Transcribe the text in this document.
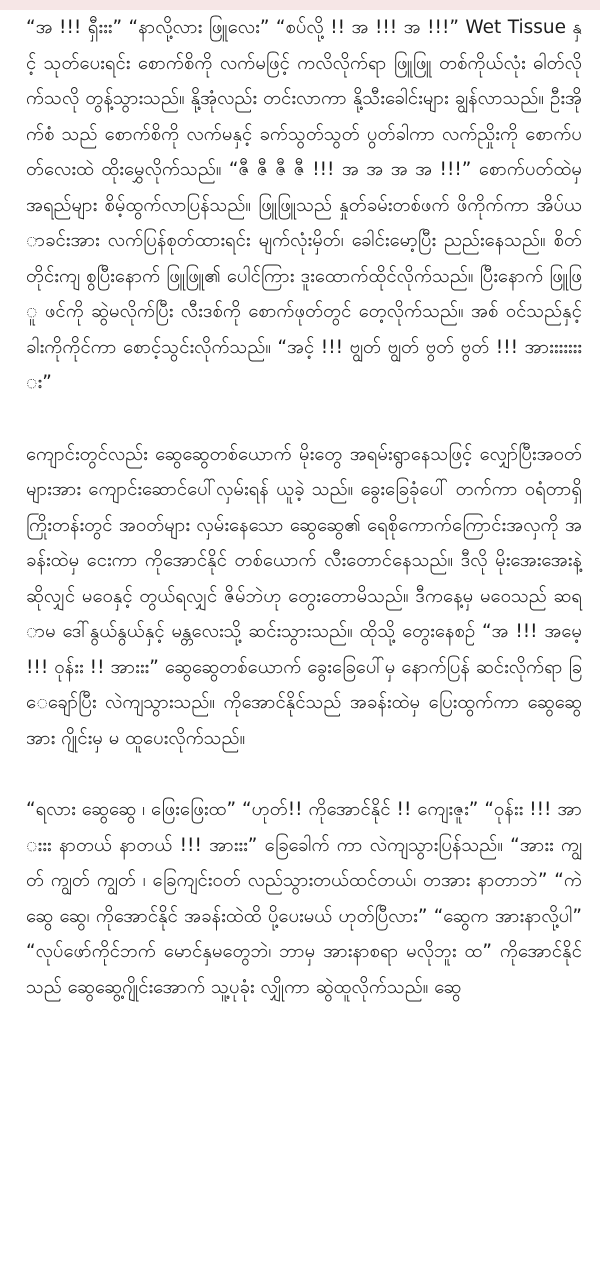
“အ !!! ရှီးးး” “နာလို့လား ဖြူလေး” “စပ်လို့ !! အ !!! အ !!!” Wet Tissue နှင့် သုတ်ပေးရင်း စောက်စိကို လက်မဖြင့် ကလိလိုက်ရာ ဖြူဖြူ တစ်ကိုယ်လုံး ဓါတ်လိုက်သလို တွန့်သွားသည်။ နို့အုံလည်း တင်းလာကာ နို့သီးခေါင်းများ ချွန်လာသည်။ ဦးအိုက်စံ သည် စောက်စိကို လက်မနှင့် ခက်သွတ်သွတ် ပွတ်ခါကာ လက်ညှိုးကို စောက်ပတ်လေးထဲ ထိုးမွှေလိုက်သည်။ “ဇီ ဇီ ဇီ ဇီ !!! အ အ အ အ !!!” စောက်ပတ်ထဲမှ အရည်များ စိမ့်ထွက်လာပြန်သည်။ ဖြူဖြူသည် နှုတ်ခမ်းတစ်ဖက် ဖိကိုက်ကာ အိပ်ယာခင်းအား လက်ပြန်စုတ်ထားရင်း မျက်လုံးမှိတ်၊ ခေါင်းမော့ပြီး ညည်းနေသည်။ စိတ်တိုင်းကျ စွပြီးနောက် ဖြူဖြူ၏ ပေါင်ကြား ဒူးထောက်ထိုင်လိုက်သည်။ ပြီးနောက် ဖြူဖြူ ဖင်ကို ဆွဲမလိုက်ပြီး လီးဒစ်ကို စောက်ဖုတ်တွင် တေ့လိုက်သည်။ အစ် ဝင်သည်နှင့် ခါးကိုကိုင်ကာ စောင့်သွင်းလိုက်သည်။ “အင့် !!! ဗျွတ် ဗျွတ် ဗွတ် ဗွတ် !!! အားးးးးးးး”

ကျောင်းတွင်လည်း ဆွေဆွေတစ်ယောက် မိုးတွေ အရမ်းရွာနေသဖြင့် လျှော်ပြီးအဝတ်များအား ကျောင်းဆောင်ပေါ်လှမ်းရန် ယူခဲ့ သည်။ ခွေးခြေခုံပေါ် တက်ကာ ဝရံတာရှိ ကြိုးတန်းတွင် အဝတ်များ လှမ်းနေသော ဆွေဆွေ၏ ရေစိုကောက်ကြောင်းအလှကို အခန်းထဲမှ ငေးကာ ကိုအောင်နိုင် တစ်ယောက် လီးတောင်နေသည်။ ဒီလို မိုးအေးအေးနဲ့ဆိုလျှင် မဝေနှင့် တွယ်ရလျှင် ဇိမ်ဘဲဟု တွေးတောမိသည်။ ဒီကနေ့မှ မဝေသည် ဆရာမ ဒေါ်နွယ်နွယ်နှင့် မန္တလေးသို့ ဆင်းသွားသည်။ ထိုသို့ တွေးနေစဉ် “အ !!! အမေ့ !!! ဝုန်းး !! အားးး” ဆွေဆွေတစ်ယောက် ခွေးခြေပေါ်မှ နောက်ပြန် ဆင်းလိုက်ရာ ခြေချော်ပြီး လဲကျသွားသည်။ ကိုအောင်နိုင်သည် အခန်းထဲမှ ပြေးထွက်ကာ ဆွေဆွေအား ဂျိုင်းမှ မ ထူပေးလိုက်သည်။

“ရလား ဆွေဆွေ ၊ ဖြေးဖြေးထ” “ဟုတ်!! ကိုအောင်နိုင် !! ကျေးဇူး” “ဝုန်းး !!! အားးး နာတယ် နာတယ် !!! အားးး” ခြေခေါက် ကာ လဲကျသွားပြန်သည်။ “အားး ကျွတ် ကျွတ် ကျွတ် ၊ ခြေကျင်းဝတ် လည်သွားတယ်ထင်တယ်၊ တအား နာတာဘဲ” “ကဲ ဆွေ ဆွေ၊ ကိုအောင်နိုင် အခန်းထဲထိ ပို့ပေးမယ် ဟုတ်ပြီလား” “ဆွေက အားနာလို့ပါ” “လုပ်ဖော်ကိုင်ဘက် မောင်နှမတွေဘဲ၊ ဘာမှ အားနာစရာ မလိုဘူး ထ” ကိုအောင်နိုင်သည် ဆွေဆွေ့ဂျိုင်းအောက် သူ့ပုခုံး လျှိုကာ ဆွဲထူလိုက်သည်။ ဆွေ
